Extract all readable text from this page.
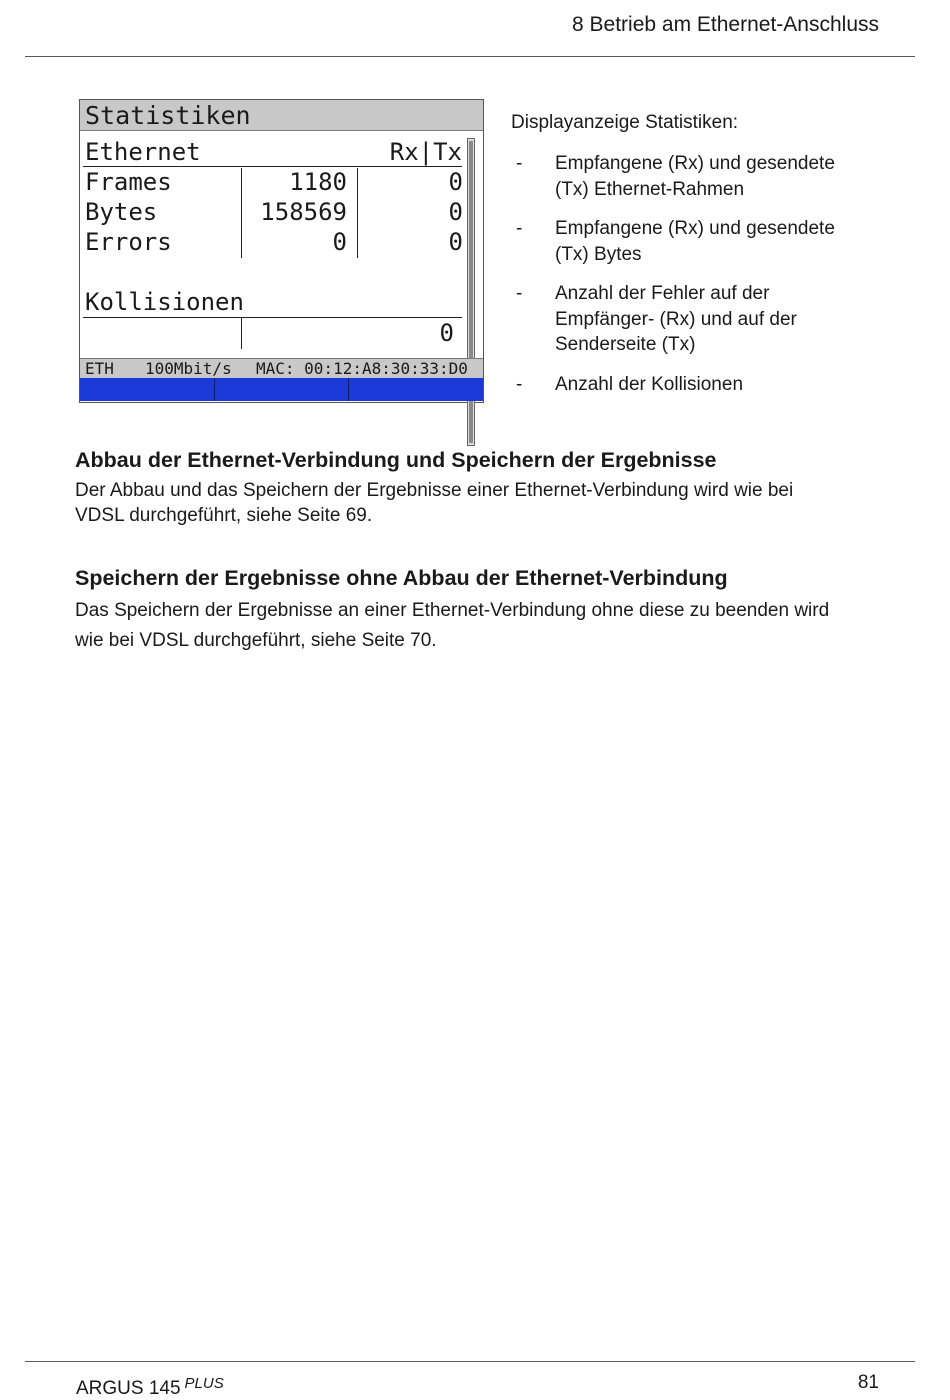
8 Betrieb am Ethernet-Anschluss
Statistiken
Ethernet	Rx|Tx
Frames	1180	0
Bytes	158569	0
Errors	0	0
Kollisionen
0
ETH 100Mbit/s MAC: 00:12:A8:30:33:D0
Displayanzeige Statistiken:
- Empfangene (Rx) und gesendete
(Tx) Ethernet-Rahmen
- Empfangene (Rx) und gesendete
(Tx) Bytes
- Anzahl der Fehler auf der
Empfänger- (Rx) und auf der
Senderseite (Tx)
- Anzahl der Kollisionen
Abbau der Ethernet-Verbindung und Speichern der Ergebnisse

Der Abbau und das Speichern der Ergebnisse einer Ethernet-Verbindung wird wie bei
VDSL durchgeführt, siehe Seite 69.

Speichern der Ergebnisse ohne Abbau der Ethernet-Verbindung

Das Speichern der Ergebnisse an einer Ethernet-Verbindung ohne diese zu beenden wird
wie bei VDSL durchgeführt, siehe Seite 70.

ARGUS 145 $^{PLUS}$	81
